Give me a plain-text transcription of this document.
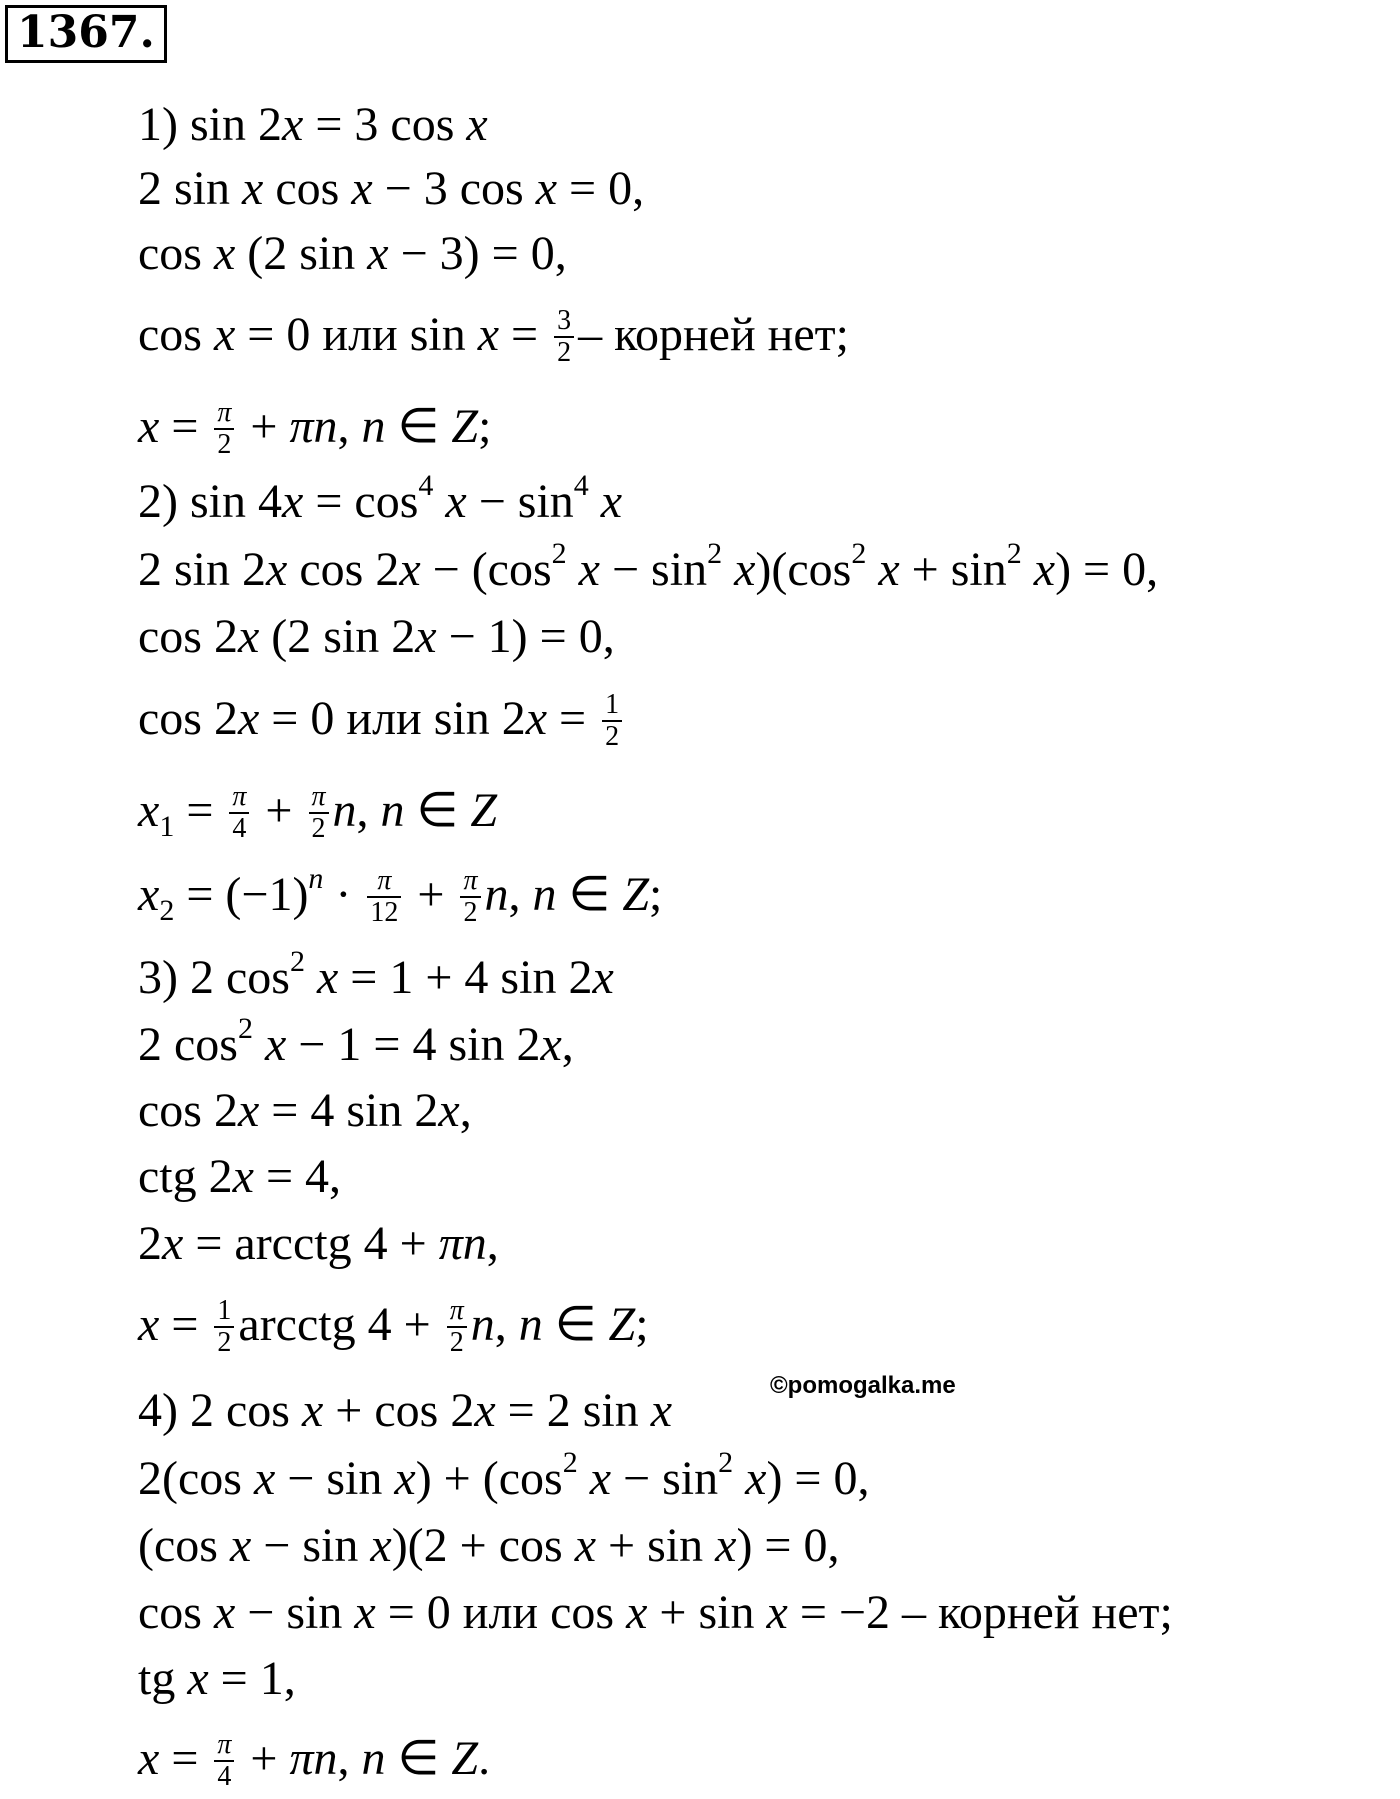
1367.
1) sin 2x = 3 cos x
2 sin x cos x − 3 cos x = 0,
cos x (2 sin x − 3) = 0,
cos x = 0 или $\sin x = \frac{3}{2}$ – корней нет;
$x = \frac{\pi}{2} + \pi n$, n ∈ Z;
2) $\sin 4x = \cos^4 x - \sin^4 x$
2 sin 2x $\cos 2x - (\cos^2$ $x - \sin^2 x)(\cos^2$ $x + \sin^2 x) = 0$,
cos 2x (2 sin 2x − 1) = 0,
cos 2x = 0 или $\sin 2x = \frac{1}{2}$
$x_1 = \frac{\pi}{4} + \frac{\pi}{2} n$, n ∈ Z
$x_2 = (-1)^n \cdot \frac{\pi}{12} + \frac{\pi}{2} n$, n ∈ Z;
3) 2 $\cos^2 x = 1 + 4$ sin 2x
2 $\cos^2 x - 1 = 4$ sin 2x,
cos 2x = 4 sin 2x,
ctg 2x = 4,
2x = arcctg 4 + πn,
$x = \frac{1}{2}$ arcctg $4 + \frac{\pi}{2} n$, n ∈ Z;
©pomogalka.me
4) 2 cos x + cos 2x = 2 sin x
2(cos $x - \sin x) + (\cos^2$ $x - \sin^2 x) = 0$,
(cos x − sin x)(2 + cos x + sin x) = 0,
cos x − sin x = 0 или cos x + sin x = −2 – корней нет;
tg x = 1,
$x = \frac{\pi}{4} + \pi n$, n ∈ Z.
